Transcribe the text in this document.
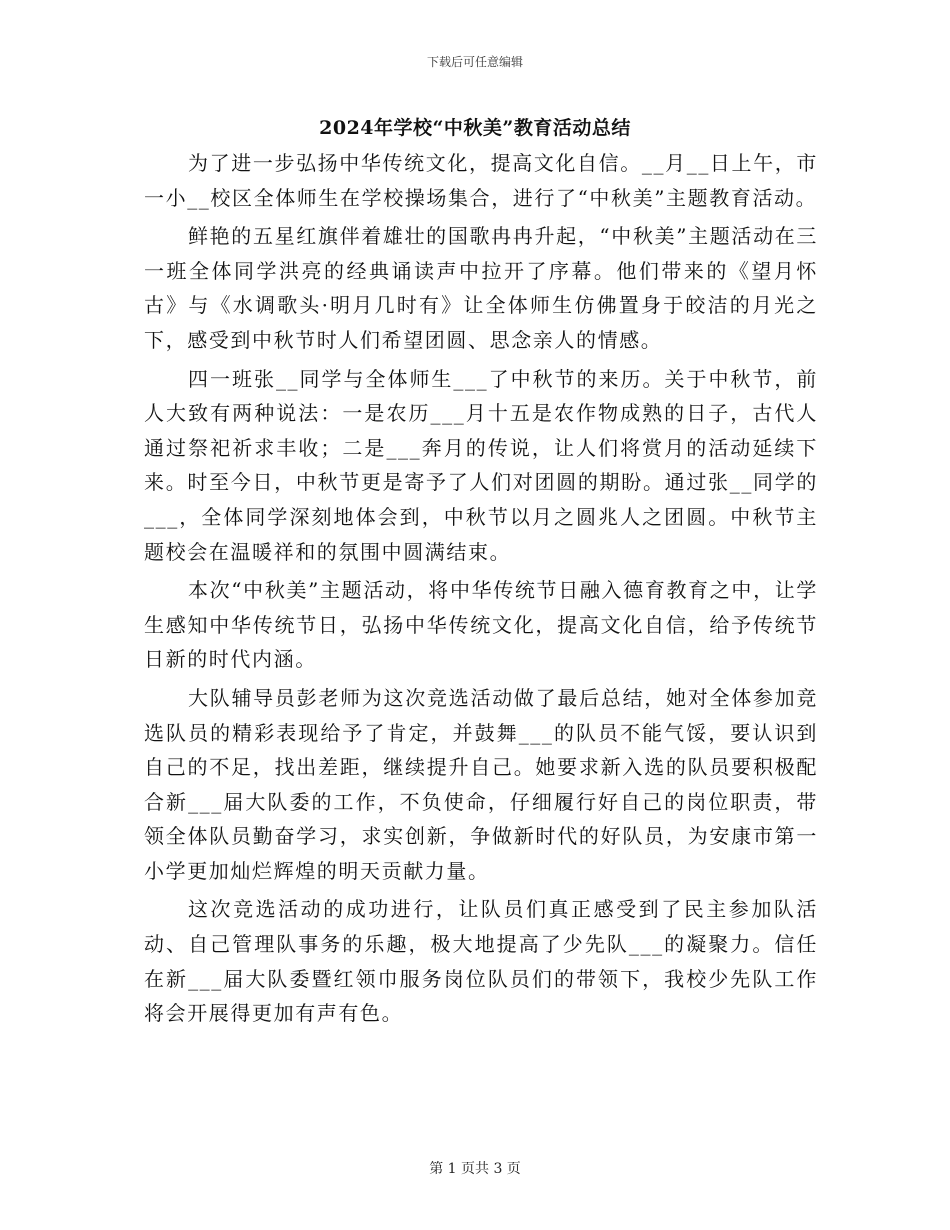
下载后可任意编辑
2024年学校“中秋美”教育活动总结

为了进一步弘扬中华传统文化，提高文化自信。__月__日上午，市一小__校区全体师生在学校操场集合，进行了“中秋美”主题教育活动。

鲜艳的五星红旗伴着雄壮的国歌冉冉升起，“中秋美”主题活动在三一班全体同学洪亮的经典诵读声中拉开了序幕。他们带来的《望月怀古》与《水调歌头·明月几时有》让全体师生仿佛置身于皎洁的月光之下，感受到中秋节时人们希望团圆、思念亲人的情感。

四一班张__同学与全体师生___了中秋节的来历。关于中秋节，前人大致有两种说法：一是农历___月十五是农作物成熟的日子，古代人通过祭祀祈求丰收；二是___奔月的传说，让人们将赏月的活动延续下来。时至今日，中秋节更是寄予了人们对团圆的期盼。通过张__同学的___，全体同学深刻地体会到，中秋节以月之圆兆人之团圆。中秋节主题校会在温暖祥和的氛围中圆满结束。

本次“中秋美”主题活动，将中华传统节日融入德育教育之中，让学生感知中华传统节日，弘扬中华传统文化，提高文化自信，给予传统节日新的时代内涵。

大队辅导员彭老师为这次竞选活动做了最后总结，她对全体参加竞选队员的精彩表现给予了肯定，并鼓舞___的队员不能气馁，要认识到自己的不足，找出差距，继续提升自己。她要求新入选的队员要积极配合新___届大队委的工作，不负使命，仔细履行好自己的岗位职责，带领全体队员勤奋学习，求实创新，争做新时代的好队员，为安康市第一小学更加灿烂辉煌的明天贡献力量。

这次竞选活动的成功进行，让队员们真正感受到了民主参加队活动、自己管理队事务的乐趣，极大地提高了少先队___的凝聚力。信任在新___届大队委暨红领巾服务岗位队员们的带领下，我校少先队工作将会开展得更加有声有色。

第 1 页共 3 页
